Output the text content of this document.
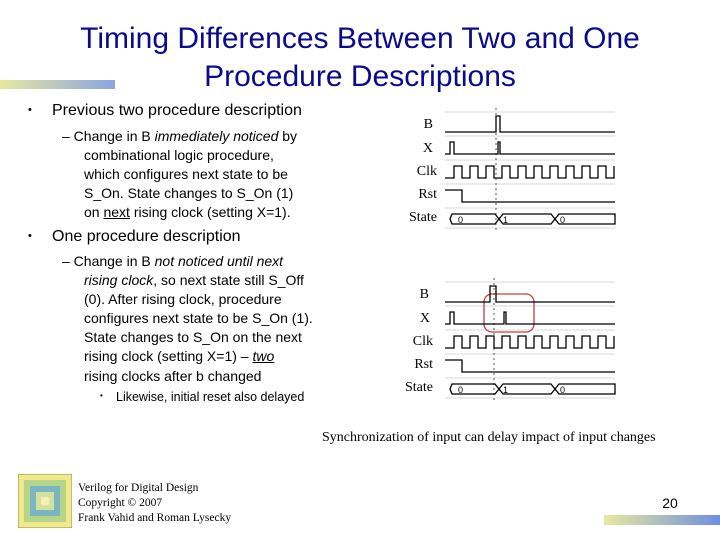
Timing Differences Between Two and One
Procedure Descriptions
• Previous two procedure description
– Change in B immediately noticed by
combinational logic procedure,
which configures next state to be
S_On. State changes to S_On (1)
on next rising clock (setting X=1).
• One procedure description
– Change in B not noticed until next
rising clock, so next state still S_Off
(0). After rising clock, procedure
configures next state to be S_On (1).
State changes to S_On on the next
rising clock (setting X=1) – two
rising clocks after b changed
• Likewise, initial reset also delayed
B
X
Clk
Rst
State 0	1	0
B
X
Clk
Rst
State	0	1	0
Synchronization of input can delay impact of input changes
Verilog for Digital Design
Copyright © 2007
Frank Vahid and Roman Lysecky
20
